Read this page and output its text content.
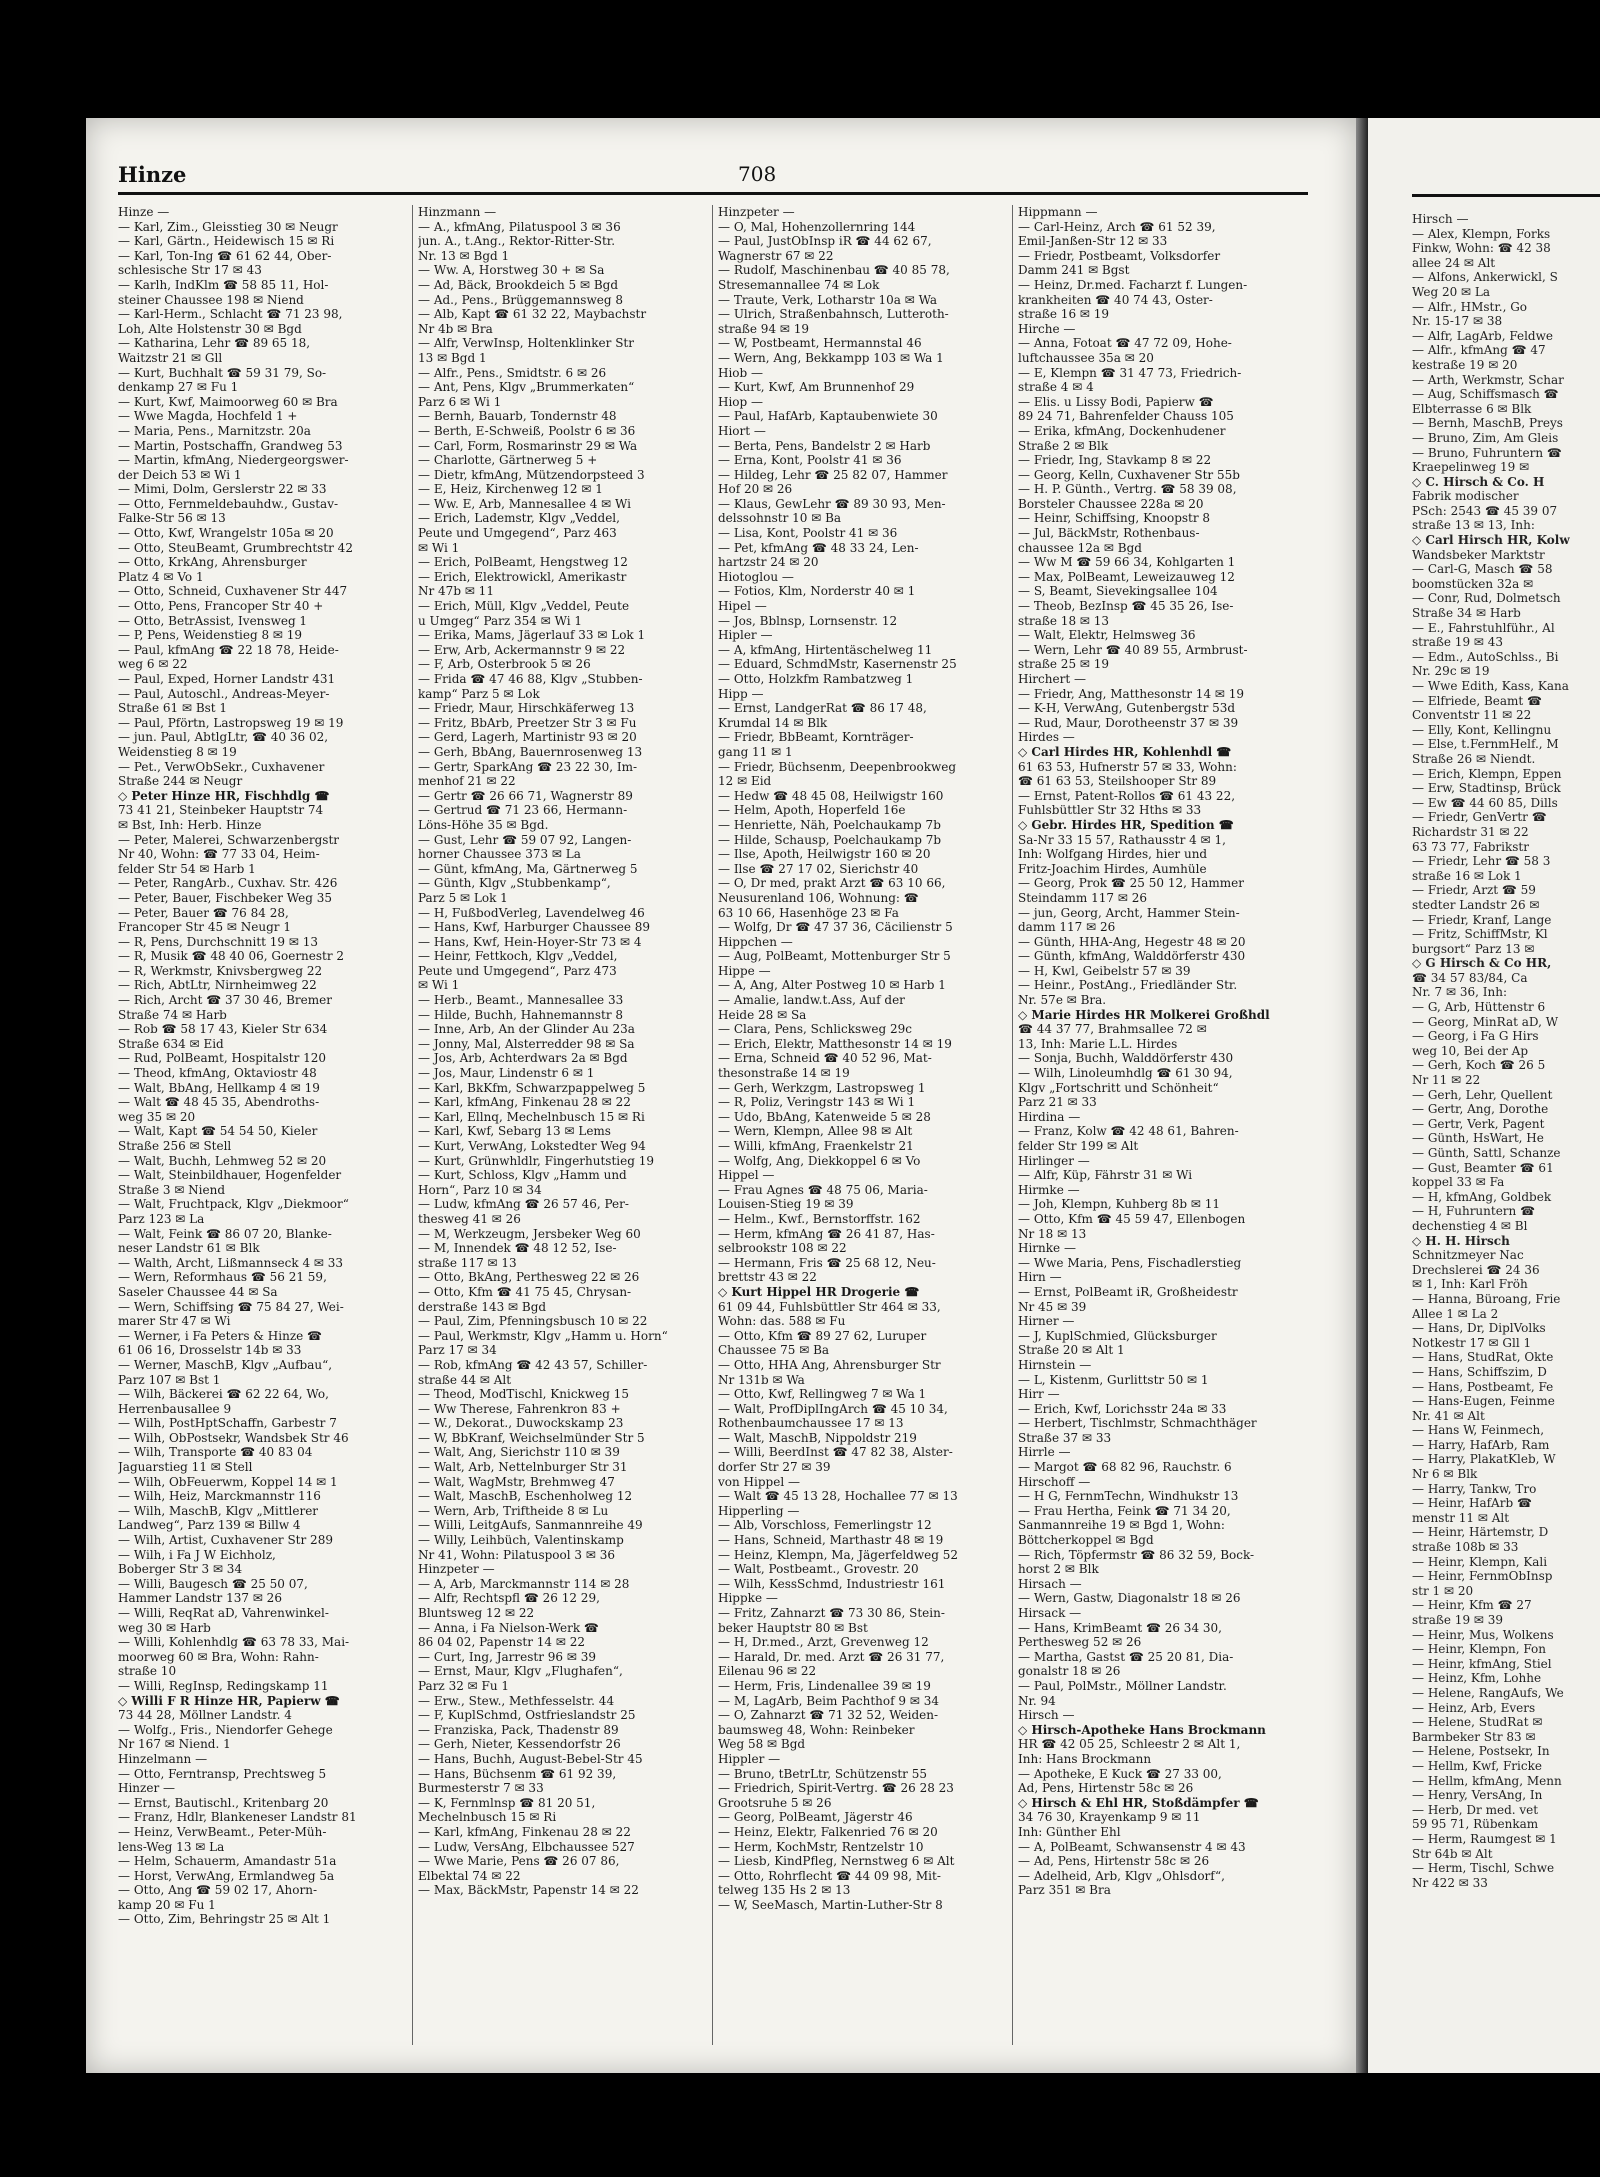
Hinze	708
Hinze —
— Karl, Zim., Gleisstieg 30 ✉ Neugr
— Karl, Gärtn., Heidewisch 15 ✉ Ri
— Karl, Ton-Ing ☎ 61 62 44, Ober-
schlesische Str 17 ✉ 43
— Karlh, IndKlm ☎ 58 85 11, Hol-
steiner Chaussee 198 ✉ Niend
— Karl-Herm., Schlacht ☎ 71 23 98,
Loh, Alte Holstenstr 30 ✉ Bgd
— Katharina, Lehr ☎ 89 65 18,
Waitzstr 21 ✉ Gll
— Kurt, Buchhalt ☎ 59 31 79, So-
denkamp 27 ✉ Fu 1
— Kurt, Kwf, Maimoorweg 60 ✉ Bra
— Wwe Magda, Hochfeld 1 +
— Maria, Pens., Marnitzstr. 20a
— Martin, Postschaffn, Grandweg 53
— Martin, kfmAng, Niedergeorgswer-
der Deich 53 ✉ Wi 1
— Mimi, Dolm, Gerslerstr 22 ✉ 33
— Otto, Fernmeldebauhdw., Gustav-
Falke-Str 56 ✉ 13
— Otto, Kwf, Wrangelstr 105a ✉ 20
— Otto, SteuBeamt, Grumbrechtstr 42
— Otto, KrkAng, Ahrensburger
Platz 4 ✉ Vo 1
— Otto, Schneid, Cuxhavener Str 447
— Otto, Pens, Francoper Str 40 +
— Otto, BetrAssist, Ivensweg 1
— P, Pens, Weidenstieg 8 ✉ 19
— Paul, kfmAng ☎ 22 18 78, Heide-
weg 6 ✉ 22
— Paul, Exped, Horner Landstr 431
— Paul, Autoschl., Andreas-Meyer-
Straße 61 ✉ Bst 1
— Paul, Pförtn, Lastropsweg 19 ✉ 19
— jun. Paul, AbtlgLtr, ☎ 40 36 02,
Weidenstieg 8 ✉ 19
— Pet., VerwObSekr., Cuxhavener
Straße 244 ✉ Neugr
◇ Peter Hinze HR, Fischhdlg ☎
73 41 21, Steinbeker Hauptstr 74
✉ Bst, Inh: Herb. Hinze
— Peter, Malerei, Schwarzenbergstr
Nr 40, Wohn: ☎ 77 33 04, Heim-
felder Str 54 ✉ Harb 1
— Peter, RangArb., Cuxhav. Str. 426
— Peter, Bauer, Fischbeker Weg 35
— Peter, Bauer ☎ 76 84 28,
Francoper Str 45 ✉ Neugr 1
— R, Pens, Durchschnitt 19 ✉ 13
— R, Musik ☎ 48 40 06, Goernestr 2
— R, Werkmstr, Knivsbergweg 22
— Rich, AbtLtr, Nirnheimweg 22
— Rich, Archt ☎ 37 30 46, Bremer
Straße 74 ✉ Harb
— Rob ☎ 58 17 43, Kieler Str 634
Straße 634 ✉ Eid
— Rud, PolBeamt, Hospitalstr 120
— Theod, kfmAng, Oktaviostr 48
— Walt, BbAng, Hellkamp 4 ✉ 19
— Walt ☎ 48 45 35, Abendroths-
weg 35 ✉ 20
— Walt, Kapt ☎ 54 54 50, Kieler
Straße 256 ✉ Stell
— Walt, Buchh, Lehmweg 52 ✉ 20
— Walt, Steinbildhauer, Hogenfelder
Straße 3 ✉ Niend
— Walt, Fruchtpack, Klgv „Diekmoor“
Parz 123 ✉ La
— Walt, Feink ☎ 86 07 20, Blanke-
neser Landstr 61 ✉ Blk
— Walth, Archt, Lißmannseck 4 ✉ 33
— Wern, Reformhaus ☎ 56 21 59,
Saseler Chaussee 44 ✉ Sa
— Wern, Schiffsing ☎ 75 84 27, Wei-
marer Str 47 ✉ Wi
— Werner, i Fa Peters & Hinze ☎
61 06 16, Drosselstr 14b ✉ 33
— Werner, MaschB, Klgv „Aufbau“,
Parz 107 ✉ Bst 1
— Wilh, Bäckerei ☎ 62 22 64, Wo,
Herrenbausallee 9
— Wilh, PostHptSchaffn, Garbestr 7
— Wilh, ObPostsekr, Wandsbek Str 46
— Wilh, Transporte ☎ 40 83 04
Jaguarstieg 11 ✉ Stell
— Wilh, ObFeuerwm, Koppel 14 ✉ 1
— Wilh, Heiz, Marckmannstr 116
— Wilh, MaschB, Klgv „Mittlerer
Landweg“, Parz 139 ✉ Billw 4
— Wilh, Artist, Cuxhavener Str 289
— Wilh, i Fa J W Eichholz,
Boberger Str 3 ✉ 34
— Willi, Baugesch ☎ 25 50 07,
Hammer Landstr 137 ✉ 26
— Willi, ReqRat aD, Vahrenwinkel-
weg 30 ✉ Harb
— Willi, Kohlenhdlg ☎ 63 78 33, Mai-
moorweg 60 ✉ Bra, Wohn: Rahn-
straße 10
— Willi, RegInsp, Redingskamp 11
◇ Willi F R Hinze HR, Papierw ☎
73 44 28, Möllner Landstr. 4
— Wolfg., Fris., Niendorfer Gehege
Nr 167 ✉ Niend. 1
Hinzelmann —
— Otto, Ferntransp, Prechtsweg 5
Hinzer —
— Ernst, Bautischl., Kritenbarg 20
— Franz, Hdlr, Blankeneser Landstr 81
— Heinz, VerwBeamt., Peter-Müh-
lens-Weg 13 ✉ La
— Helm, Schauerm, Amandastr 51a
— Horst, VerwAng, Ermlandweg 5a
— Otto, Ang ☎ 59 02 17, Ahorn-
kamp 20 ✉ Fu 1
— Otto, Zim, Behringstr 25 ✉ Alt 1
Hinzmann —
— A., kfmAng, Pilatuspool 3 ✉ 36
jun. A., t.Ang., Rektor-Ritter-Str.
Nr. 13 ✉ Bgd 1
— Ww. A, Horstweg 30 + ✉ Sa
— Ad, Bäck, Brookdeich 5 ✉ Bgd
— Ad., Pens., Brüggemannsweg 8
— Alb, Kapt ☎ 61 32 22, Maybachstr
Nr 4b ✉ Bra
— Alfr, VerwInsp, Holtenklinker Str
13 ✉ Bgd 1
— Alfr., Pens., Smidtstr. 6 ✉ 26
— Ant, Pens, Klgv „Brummerkaten“
Parz 6 ✉ Wi 1
— Bernh, Bauarb, Tondernstr 48
— Berth, E-Schweiß, Poolstr 6 ✉ 36
— Carl, Form, Rosmarinstr 29 ✉ Wa
— Charlotte, Gärtnerweg 5 +
— Dietr, kfmAng, Mützendorpsteed 3
— E, Heiz, Kirchenweg 12 ✉ 1
— Ww. E, Arb, Mannesallee 4 ✉ Wi
— Erich, Lademstr, Klgv „Veddel,
Peute und Umgegend“, Parz 463
✉ Wi 1
— Erich, PolBeamt, Hengstweg 12
— Erich, Elektrowickl, Amerikastr
Nr 47b ✉ 11
— Erich, Müll, Klgv „Veddel, Peute
u Umgeg“ Parz 354 ✉ Wi 1
— Erika, Mams, Jägerlauf 33 ✉ Lok 1
— Erw, Arb, Ackermannstr 9 ✉ 22
— F, Arb, Osterbrook 5 ✉ 26
— Frida ☎ 47 46 88, Klgv „Stubben-
kamp“ Parz 5 ✉ Lok
— Friedr, Maur, Hirschkäferweg 13
— Fritz, BbArb, Preetzer Str 3 ✉ Fu
— Gerd, Lagerh, Martinistr 93 ✉ 20
— Gerh, BbAng, Bauernrosenweg 13
— Gertr, SparkAng ☎ 23 22 30, Im-
menhof 21 ✉ 22
— Gertr ☎ 26 66 71, Wagnerstr 89
— Gertrud ☎ 71 23 66, Hermann-
Löns-Höhe 35 ✉ Bgd.
— Gust, Lehr ☎ 59 07 92, Langen-
horner Chaussee 373 ✉ La
— Günt, kfmAng, Ma, Gärtnerweg 5
— Günth, Klgv „Stubbenkamp“,
Parz 5 ✉ Lok 1
— H, FußbodVerleg, Lavendelweg 46
— Hans, Kwf, Harburger Chaussee 89
— Hans, Kwf, Hein-Hoyer-Str 73 ✉ 4
— Heinr, Fettkoch, Klgv „Veddel,
Peute und Umgegend“, Parz 473
✉ Wi 1
— Herb., Beamt., Mannesallee 33
— Hilde, Buchh, Hahnemannstr 8
— Inne, Arb, An der Glinder Au 23a
— Jonny, Mal, Alsterredder 98 ✉ Sa
— Jos, Arb, Achterdwars 2a ✉ Bgd
— Jos, Maur, Lindenstr 6 ✉ 1
— Karl, BkKfm, Schwarzpappelweg 5
— Karl, kfmAng, Finkenau 28 ✉ 22
— Karl, Ellnq, Mechelnbusch 15 ✉ Ri
— Karl, Kwf, Sebarg 13 ✉ Lems
— Kurt, VerwAng, Lokstedter Weg 94
— Kurt, Grünwhldlr, Fingerhutstieg 19
— Kurt, Schloss, Klgv „Hamm und
Horn“, Parz 10 ✉ 34
— Ludw, kfmAng ☎ 26 57 46, Per-
thesweg 41 ✉ 26
— M, Werkzeugm, Jersbeker Weg 60
— M, Innendek ☎ 48 12 52, Ise-
straße 117 ✉ 13
— Otto, BkAng, Perthesweg 22 ✉ 26
— Otto, Kfm ☎ 41 75 45, Chrysan-
derstraße 143 ✉ Bgd
— Paul, Zim, Pfenningsbusch 10 ✉ 22
— Paul, Werkmstr, Klgv „Hamm u. Horn“
Parz 17 ✉ 34
— Rob, kfmAng ☎ 42 43 57, Schiller-
straße 44 ✉ Alt
— Theod, ModTischl, Knickweg 15
— Ww Therese, Fahrenkron 83 +
— W., Dekorat., Duwockskamp 23
— W, BbKranf, Weichselmünder Str 5
— Walt, Ang, Sierichstr 110 ✉ 39
— Walt, Arb, Nettelnburger Str 31
— Walt, WagMstr, Brehmweg 47
— Walt, MaschB, Eschenholweg 12
— Wern, Arb, Triftheide 8 ✉ Lu
— Willi, LeitgAufs, Sanmannreihe 49
— Willy, Leihbüch, Valentinskamp
Nr 41, Wohn: Pilatuspool 3 ✉ 36
Hinzpeter —
— A, Arb, Marckmannstr 114 ✉ 28
— Alfr, Rechtspfl ☎ 26 12 29,
Bluntsweg 12 ✉ 22
— Anna, i Fa Nielson-Werk ☎
86 04 02, Papenstr 14 ✉ 22
— Curt, Ing, Jarrestr 96 ✉ 39
— Ernst, Maur, Klgv „Flughafen“,
Parz 32 ✉ Fu 1
— Erw., Stew., Methfesselstr. 44
— F, KuplSchmd, Ostfrieslandstr 25
— Franziska, Pack, Thadenstr 89
— Gerh, Nieter, Kessendorfstr 26
— Hans, Buchh, August-Bebel-Str 45
— Hans, Büchsenm ☎ 61 92 39,
Burmesterstr 7 ✉ 33
— K, Fernmlnsp ☎ 81 20 51,
Mechelnbusch 15 ✉ Ri
— Karl, kfmAng, Finkenau 28 ✉ 22
— Ludw, VersAng, Elbchaussee 527
— Wwe Marie, Pens ☎ 26 07 86,
Elbektal 74 ✉ 22
— Max, BäckMstr, Papenstr 14 ✉ 22
Hinzpeter —
— O, Mal, Hohenzollernring 144
— Paul, JustObInsp iR ☎ 44 62 67,
Wagnerstr 67 ✉ 22
— Rudolf, Maschinenbau ☎ 40 85 78,
Stresemannallee 74 ✉ Lok
— Traute, Verk, Lotharstr 10a ✉ Wa
— Ulrich, Straßenbahnsch, Lutteroth-
straße 94 ✉ 19
— W, Postbeamt, Hermannstal 46
— Wern, Ang, Bekkampp 103 ✉ Wa 1
Hiob —
— Kurt, Kwf, Am Brunnenhof 29
Hiop —
— Paul, HafArb, Kaptaubenwiete 30
Hiort —
— Berta, Pens, Bandelstr 2 ✉ Harb
— Erna, Kont, Poolstr 41 ✉ 36
— Hildeg, Lehr ☎ 25 82 07, Hammer
Hof 20 ✉ 26
— Klaus, GewLehr ☎ 89 30 93, Men-
delssohnstr 10 ✉ Ba
— Lisa, Kont, Poolstr 41 ✉ 36
— Pet, kfmAng ☎ 48 33 24, Len-
hartzstr 24 ✉ 20
Hiotoglou —
— Fotios, Klm, Norderstr 40 ✉ 1
Hipel —
— Jos, Bblnsp, Lornsenstr. 12
Hipler —
— A, kfmAng, Hirtentäschelweg 11
— Eduard, SchmdMstr, Kasernenstr 25
— Otto, Holzkfm Rambatzweg 1
Hipp —
— Ernst, LandgerRat ☎ 86 17 48,
Krumdal 14 ✉ Blk
— Friedr, BbBeamt, Kornträger-
gang 11 ✉ 1
— Friedr, Büchsenm, Deepenbrookweg
12 ✉ Eid
— Hedw ☎ 48 45 08, Heilwigstr 160
— Helm, Apoth, Hoperfeld 16e
— Henriette, Näh, Poelchaukamp 7b
— Hilde, Schausp, Poelchaukamp 7b
— Ilse, Apoth, Heilwigstr 160 ✉ 20
— Ilse ☎ 27 17 02, Sierichstr 40
— O, Dr med, prakt Arzt ☎ 63 10 66,
Neusurenland 106, Wohnung: ☎
63 10 66, Hasenhöge 23 ✉ Fa
— Wolfg, Dr ☎ 47 37 36, Cäcilienstr 5
Hippchen —
— Aug, PolBeamt, Mottenburger Str 5
Hippe —
— A, Ang, Alter Postweg 10 ✉ Harb 1
— Amalie, landw.t.Ass, Auf der
Heide 28 ✉ Sa
— Clara, Pens, Schlicksweg 29c
— Erich, Elektr, Matthesonstr 14 ✉ 19
— Erna, Schneid ☎ 40 52 96, Mat-
thesonstraße 14 ✉ 19
— Gerh, Werkzgm, Lastropsweg 1
— R, Poliz, Veringstr 143 ✉ Wi 1
— Udo, BbAng, Katenweide 5 ✉ 28
— Wern, Klempn, Allee 98 ✉ Alt
— Willi, kfmAng, Fraenkelstr 21
— Wolfg, Ang, Diekkoppel 6 ✉ Vo
Hippel —
— Frau Agnes ☎ 48 75 06, Maria-
Louisen-Stieg 19 ✉ 39
— Helm., Kwf., Bernstorffstr. 162
— Herm, kfmAng ☎ 26 41 87, Has-
selbrookstr 108 ✉ 22
— Hermann, Fris ☎ 25 68 12, Neu-
brettstr 43 ✉ 22
◇ Kurt Hippel HR Drogerie ☎
61 09 44, Fuhlsbüttler Str 464 ✉ 33,
Wohn: das. 588 ✉ Fu
— Otto, Kfm ☎ 89 27 62, Luruper
Chaussee 75 ✉ Ba
— Otto, HHA Ang, Ahrensburger Str
Nr 131b ✉ Wa
— Otto, Kwf, Rellingweg 7 ✉ Wa 1
— Walt, ProfDiplIngArch ☎ 45 10 34,
Rothenbaumchaussee 17 ✉ 13
— Walt, MaschB, Nippoldstr 219
— Willi, BeerdInst ☎ 47 82 38, Alster-
dorfer Str 27 ✉ 39
von Hippel —
— Walt ☎ 45 13 28, Hochallee 77 ✉ 13
Hipperling —
— Alb, Vorschloss, Femerlingstr 12
— Hans, Schneid, Marthastr 48 ✉ 19
— Heinz, Klempn, Ma, Jägerfeldweg 52
— Walt, Postbeamt., Grovestr. 20
— Wilh, KessSchmd, Industriestr 161
Hippke —
— Fritz, Zahnarzt ☎ 73 30 86, Stein-
beker Hauptstr 80 ✉ Bst
— H, Dr.med., Arzt, Grevenweg 12
— Harald, Dr. med. Arzt ☎ 26 31 77,
Eilenau 96 ✉ 22
— Herm, Fris, Lindenallee 39 ✉ 19
— M, LagArb, Beim Pachthof 9 ✉ 34
— O, Zahnarzt ☎ 71 32 52, Weiden-
baumsweg 48, Wohn: Reinbeker
Weg 58 ✉ Bgd
Hippler —
— Bruno, tBetrLtr, Schützenstr 55
— Friedrich, Spirit-Vertrg. ☎ 26 28 23
Grootsruhe 5 ✉ 26
— Georg, PolBeamt, Jägerstr 46
— Heinz, Elektr, Falkenried 76 ✉ 20
— Herm, KochMstr, Rentzelstr 10
— Liesb, KindPfleg, Nernstweg 6 ✉ Alt
— Otto, Rohrflecht ☎ 44 09 98, Mit-
telweg 135 Hs 2 ✉ 13
— W, SeeMasch, Martin-Luther-Str 8
Hippmann —
— Carl-Heinz, Arch ☎ 61 52 39,
Emil-Janßen-Str 12 ✉ 33
— Friedr, Postbeamt, Volksdorfer
Damm 241 ✉ Bgst
— Heinz, Dr.med. Facharzt f. Lungen-
krankheiten ☎ 40 74 43, Oster-
straße 16 ✉ 19
Hirche —
— Anna, Fotoat ☎ 47 72 09, Hohe-
luftchaussee 35a ✉ 20
— E, Klempn ☎ 31 47 73, Friedrich-
straße 4 ✉ 4
— Elis. u Lissy Bodi, Papierw ☎
89 24 71, Bahrenfelder Chauss 105
— Erika, kfmAng, Dockenhudener
Straße 2 ✉ Blk
— Friedr, Ing, Stavkamp 8 ✉ 22
— Georg, Kelln, Cuxhavener Str 55b
— H. P. Günth., Vertrg. ☎ 58 39 08,
Borsteler Chaussee 228a ✉ 20
— Heinr, Schiffsing, Knoopstr 8
— Jul, BäckMstr, Rothenbaus-
chaussee 12a ✉ Bgd
— Ww M ☎ 59 66 34, Kohlgarten 1
— Max, PolBeamt, Leweizauweg 12
— S, Beamt, Sievekingsallee 104
— Theob, BezInsp ☎ 45 35 26, Ise-
straße 18 ✉ 13
— Walt, Elektr, Helmsweg 36
— Wern, Lehr ☎ 40 89 55, Armbrust-
straße 25 ✉ 19
Hirchert —
— Friedr, Ang, Matthesonstr 14 ✉ 19
— K-H, VerwAng, Gutenbergstr 53d
— Rud, Maur, Dorotheenstr 37 ✉ 39
Hirdes —
◇ Carl Hirdes HR, Kohlenhdl ☎
61 63 53, Hufnerstr 57 ✉ 33, Wohn:
☎ 61 63 53, Steilshooper Str 89
— Ernst, Patent-Rollos ☎ 61 43 22,
Fuhlsbüttler Str 32 Hths ✉ 33
◇ Gebr. Hirdes HR, Spedition ☎
Sa-Nr 33 15 57, Rathausstr 4 ✉ 1,
Inh: Wolfgang Hirdes, hier und
Fritz-Joachim Hirdes, Aumhüle
— Georg, Prok ☎ 25 50 12, Hammer
Steindamm 117 ✉ 26
— jun, Georg, Archt, Hammer Stein-
damm 117 ✉ 26
— Günth, HHA-Ang, Hegestr 48 ✉ 20
— Günth, kfmAng, Walddörferstr 430
— H, Kwl, Geibelstr 57 ✉ 39
— Heinr., PostAng., Friedländer Str.
Nr. 57e ✉ Bra.
◇ Marie Hirdes HR Molkerei Großhdl
☎ 44 37 77, Brahmsallee 72 ✉
13, Inh: Marie L.L. Hirdes
— Sonja, Buchh, Walddörferstr 430
— Wilh, Linoleumhdlg ☎ 61 30 94,
Klgv „Fortschritt und Schönheit“
Parz 21 ✉ 33
Hirdina —
— Franz, Kolw ☎ 42 48 61, Bahren-
felder Str 199 ✉ Alt
Hirlinger —
— Alfr, Küp, Fährstr 31 ✉ Wi
Hirmke —
— Joh, Klempn, Kuhberg 8b ✉ 11
— Otto, Kfm ☎ 45 59 47, Ellenbogen
Nr 18 ✉ 13
Hirnke —
— Wwe Maria, Pens, Fischadlerstieg
Hirn —
— Ernst, PolBeamt iR, Großheidestr
Nr 45 ✉ 39
Hirner —
— J, KuplSchmied, Glücksburger
Straße 20 ✉ Alt 1
Hirnstein —
— L, Kistenm, Gurlittstr 50 ✉ 1
Hirr —
— Erich, Kwf, Lorichsstr 24a ✉ 33
— Herbert, Tischlmstr, Schmachthäger
Straße 37 ✉ 33
Hirrle —
— Margot ☎ 68 82 96, Rauchstr. 6
Hirschoff —
— H G, FernmTechn, Windhukstr 13
— Frau Hertha, Feink ☎ 71 34 20,
Sanmannreihe 19 ✉ Bgd 1, Wohn:
Böttcherkoppel ✉ Bgd
— Rich, Töpfermstr ☎ 86 32 59, Bock-
horst 2 ✉ Blk
Hirsach —
— Wern, Gastw, Diagonalstr 18 ✉ 26
Hirsack —
— Hans, KrimBeamt ☎ 26 34 30,
Perthesweg 52 ✉ 26
— Martha, Gastst ☎ 25 20 81, Dia-
gonalstr 18 ✉ 26
— Paul, PolMstr., Möllner Landstr.
Nr. 94
Hirsch —
◇ Hirsch-Apotheke Hans Brockmann
HR ☎ 42 05 25, Schleestr 2 ✉ Alt 1,
Inh: Hans Brockmann
— Apotheke, E Kuck ☎ 27 33 00,
Ad, Pens, Hirtenstr 58c ✉ 26
◇ Hirsch & Ehl HR, Stoßdämpfer ☎
34 76 30, Krayenkamp 9 ✉ 11
Inh: Günther Ehl
— A, PolBeamt, Schwansenstr 4 ✉ 43
— Ad, Pens, Hirtenstr 58c ✉ 26
— Adelheid, Arb, Klgv „Ohlsdorf“,
Parz 351 ✉ Bra
Hirsch —
— Alex, Klempn, Forks
Finkw, Wohn: ☎ 42 38
allee 24 ✉ Alt
— Alfons, Ankerwickl, S
Weg 20 ✉ La
— Alfr., HMstr., Go
Nr. 15-17 ✉ 38
— Alfr, LagArb, Feldwe
— Alfr., kfmAng ☎ 47
kestraße 19 ✉ 20
— Arth, Werkmstr, Schar
— Aug, Schiffsmasch ☎
Elbterrasse 6 ✉ Blk
— Bernh, MaschB, Preys
— Bruno, Zim, Am Gleis
— Bruno, Fuhruntern ☎
Kraepelinweg 19 ✉
◇ C. Hirsch & Co. H
Fabrik modischer
PSch: 2543 ☎ 45 39 07
straße 13 ✉ 13, Inh:
◇ Carl Hirsch HR, Kolw
Wandsbeker Marktstr
— Carl-G, Masch ☎ 58
boomstücken 32a ✉
— Conr, Rud, Dolmetsch
Straße 34 ✉ Harb
— E., Fahrstuhlführ., Al
straße 19 ✉ 43
— Edm., AutoSchlss., Bi
Nr. 29c ✉ 19
— Wwe Edith, Kass, Kana
— Elfriede, Beamt ☎
Conventstr 11 ✉ 22
— Elly, Kont, Kellingnu
— Else, t.FernmHelf., M
Straße 26 ✉ Niendt.
— Erich, Klempn, Eppen
— Erw, Stadtinsp, Brück
— Ew ☎ 44 60 85, Dills
— Friedr, GenVertr ☎
Richardstr 31 ✉ 22
63 73 77, Fabrikstr
— Friedr, Lehr ☎ 58 3
straße 16 ✉ Lok 1
— Friedr, Arzt ☎ 59
stedter Landstr 26 ✉
— Friedr, Kranf, Lange
— Fritz, SchiffMstr, Kl
burgsort“ Parz 13 ✉
◇ G Hirsch & Co HR,
☎ 34 57 83/84, Ca
Nr. 7 ✉ 36, Inh:
— G, Arb, Hüttenstr 6
— Georg, MinRat aD, W
— Georg, i Fa G Hirs
weg 10, Bei der Ap
— Gerh, Koch ☎ 26 5
Nr 11 ✉ 22
— Gerh, Lehr, Quellent
— Gertr, Ang, Dorothe
— Gertr, Verk, Pagent
— Günth, HsWart, He
— Günth, Sattl, Schanze
— Gust, Beamter ☎ 61
koppel 33 ✉ Fa
— H, kfmAng, Goldbek
— H, Fuhruntern ☎
dechenstieg 4 ✉ Bl
◇ H. H. Hirsch
Schnitzmeyer Nac
Drechslerei ☎ 24 36
✉ 1, Inh: Karl Fröh
— Hanna, Büroang, Frie
Allee 1 ✉ La 2
— Hans, Dr, DiplVolks
Notkestr 17 ✉ Gll 1
— Hans, StudRat, Okte
— Hans, Schiffszim, D
— Hans, Postbeamt, Fe
— Hans-Eugen, Feinme
Nr. 41 ✉ Alt
— Hans W, Feinmech,
— Harry, HafArb, Ram
— Harry, PlakatKleb, W
Nr 6 ✉ Blk
— Harry, Tankw, Tro
— Heinr, HafArb ☎
menstr 11 ✉ Alt
— Heinr, Härtemstr, D
straße 108b ✉ 33
— Heinr, Klempn, Kali
— Heinr, FernmObInsp
str 1 ✉ 20
— Heinr, Kfm ☎ 27
straße 19 ✉ 39
— Heinr, Mus, Wolkens
— Heinr, Klempn, Fon
— Heinr, kfmAng, Stiel
— Heinz, Kfm, Lohhe
— Helene, RangAufs, We
— Heinz, Arb, Evers
— Helene, StudRat ✉
Barmbeker Str 83 ✉
— Helene, Postsekr, In
— Hellm, Kwf, Fricke
— Hellm, kfmAng, Menn
— Henry, VersAng, In
— Herb, Dr med. vet
59 95 71, Rübenkam
— Herm, Raumgest ✉ 1
Str 64b ✉ Alt
— Herm, Tischl, Schwe
Nr 422 ✉ 33
